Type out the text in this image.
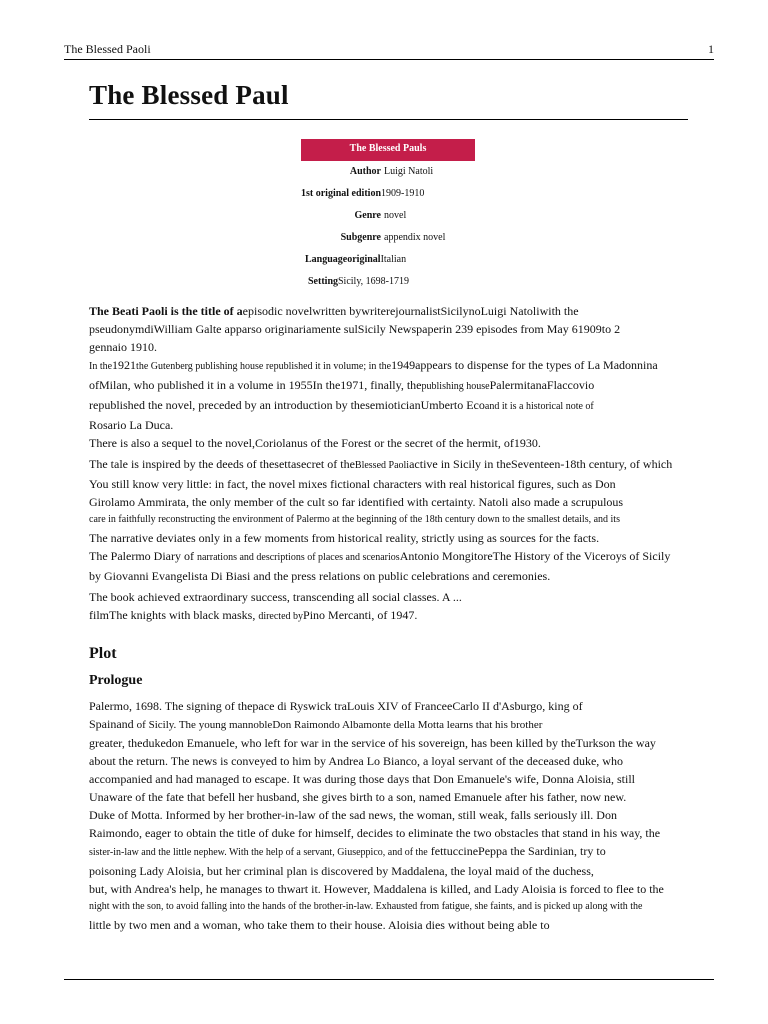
The Blessed Paoli	1
The Blessed Paul
The Blessed Pauls
Author Luigi Natoli
1st original edition 1909-1910
Genre novel
Subgenre appendix novel
Languageoriginal Italian
Setting Sicily, 1698-1719

The Beati Paoli is the title of aepisodic novelwritten bywriterejournalistSicilynoLuigi Natoliwith the
pseudonymdiWilliam Galte apparso originariamente sulSicily Newspaperin 239 episodes from May 61909to 2
gennaio 1910.

In the1921the Gutenberg publishing house republished it in volume; in the1949appears to dispense for the types of La Madonnina
ofMilan, who published it in a volume in 1955In the1971, finally, thepublishing housePalermitanaFlaccovio
republished the novel, preceded by an introduction by thesemioticianUmberto Ecoand it is a historical note of
Rosario La Duca.
There is also a sequel to the novel,Coriolanus of the Forest or the secret of the hermit, of1930.

The tale is inspired by the deeds of thesettasecret of theBlessed Paoliactive in Sicily in theSeventeen-18th century, of which
You still know very little: in fact, the novel mixes fictional characters with real historical figures, such as Don
Girolamo Ammirata, the only member of the cult so far identified with certainty. Natoli also made a scrupulous
care in faithfully reconstructing the environment of Palermo at the beginning of the 18th century down to the smallest details, and its
The narrative deviates only in a few moments from historical reality, strictly using as sources for the facts.
The Palermo Diary of narrations and descriptions of places and scenariosAntonio MongitoreThe History of the Viceroys of Sicily
by Giovanni Evangelista Di Biasi and the press relations on public celebrations and ceremonies.

The book achieved extraordinary success, transcending all social classes. A ...
filmThe knights with black masks, directed byPino Mercanti, of 1947.

Plot
Prologue

Palermo, 1698. The signing of thepace di Ryswick traLouis XIV of FranceeCarlo II d'Asburgo, king of
Spainand of Sicily. The young mannobleDon Raimondo Albamonte della Motta learns that his brother
greater, thedukedon Emanuele, who left for war in the service of his sovereign, has been killed by theTurkson the way
about the return. The news is conveyed to him by Andrea Lo Bianco, a loyal servant of the deceased duke, who
accompanied and had managed to escape. It was during those days that Don Emanuele's wife, Donna Aloisia, still
Unaware of the fate that befell her husband, she gives birth to a son, named Emanuele after his father, now new.
Duke of Motta. Informed by her brother-in-law of the sad news, the woman, still weak, falls seriously ill. Don
Raimondo, eager to obtain the title of duke for himself, decides to eliminate the two obstacles that stand in his way, the
sister-in-law and the little nephew. With the help of a servant, Giuseppico, and of the fettuccinePeppa the Sardinian, try to
poisoning Lady Aloisia, but her criminal plan is discovered by Maddalena, the loyal maid of the duchess,
but, with Andrea's help, he manages to thwart it. However, Maddalena is killed, and Lady Aloisia is forced to flee to the
night with the son, to avoid falling into the hands of the brother-in-law. Exhausted from fatigue, she faints, and is picked up along with the
little by two men and a woman, who take them to their house. Aloisia dies without being able to
